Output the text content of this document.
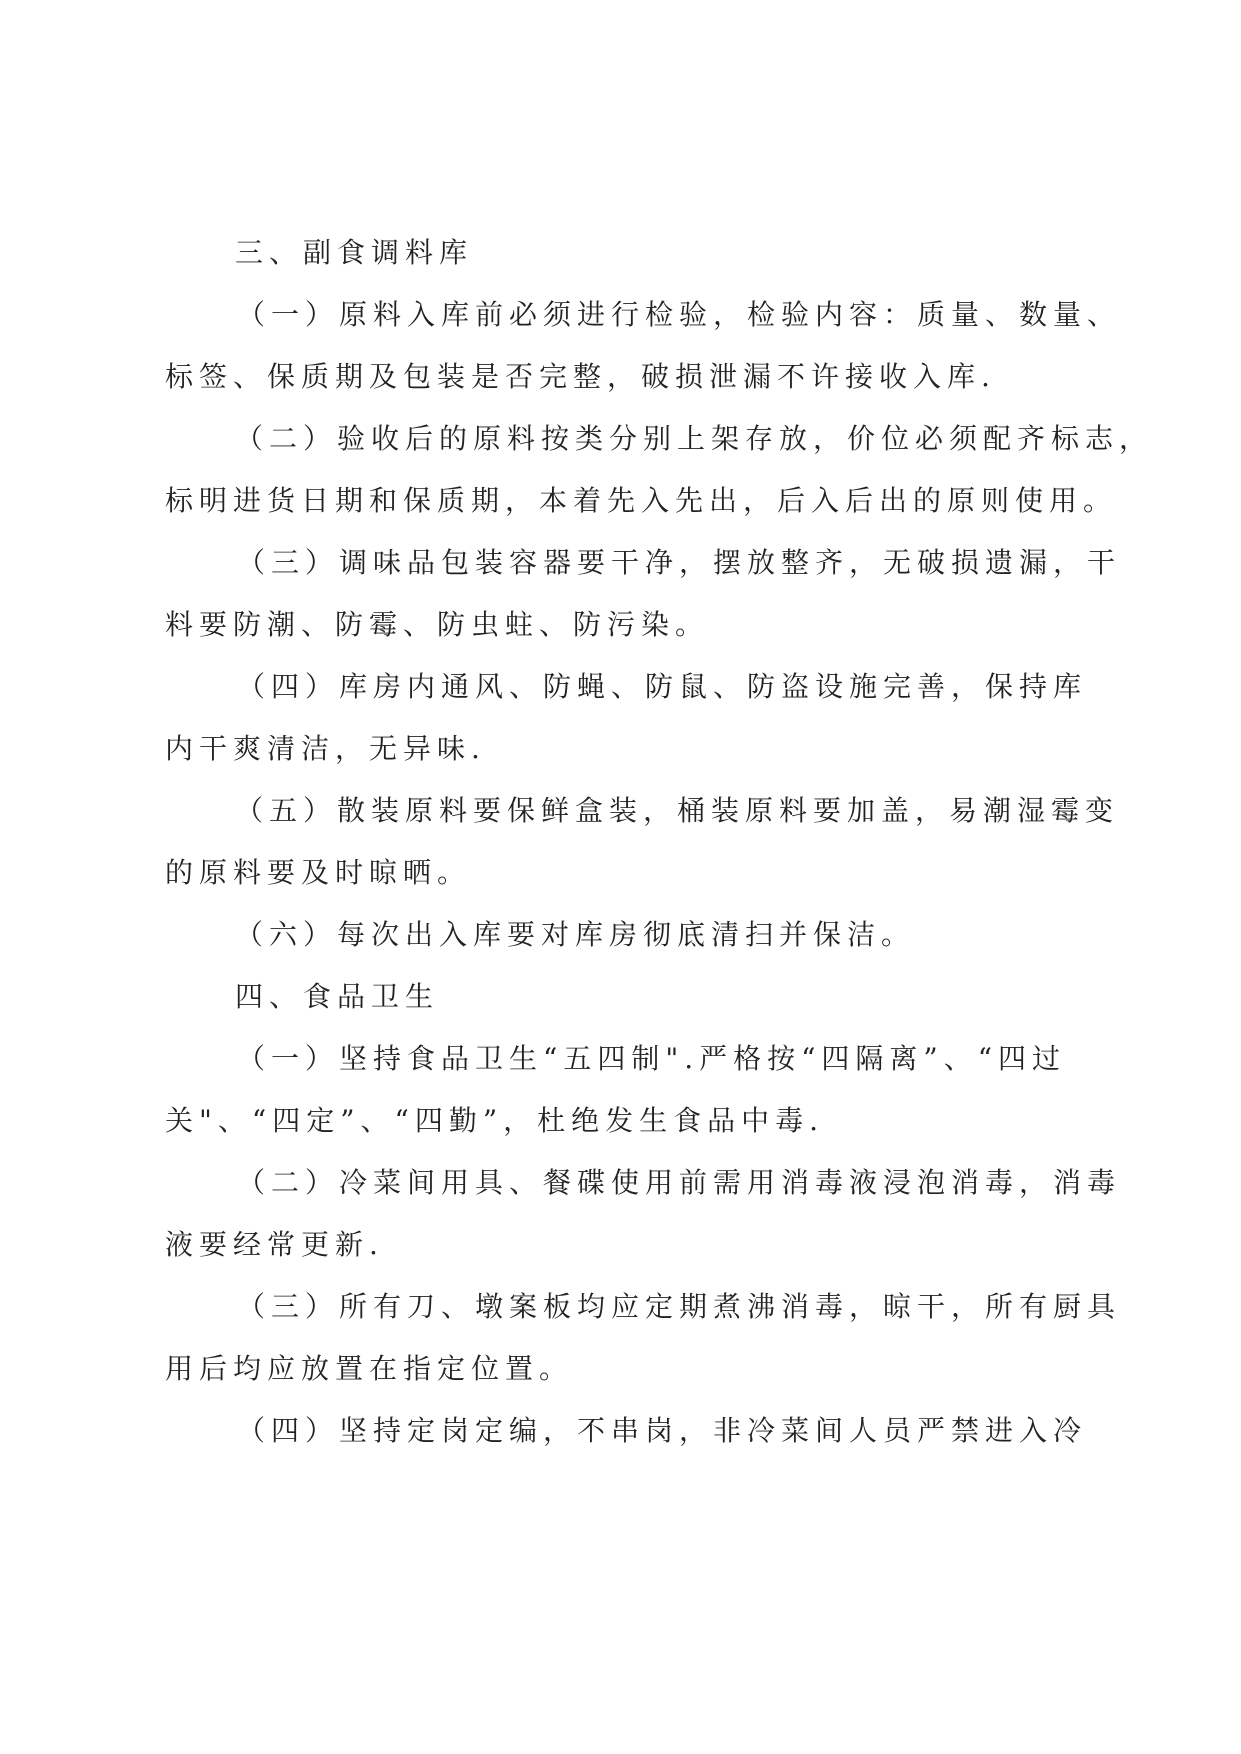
三、副食调料库
（一）原料入库前必须进行检验，检验内容：质量、数量、
标签、保质期及包装是否完整，破损泄漏不许接收入库.
（二）验收后的原料按类分别上架存放，价位必须配齐标志，
标明进货日期和保质期，本着先入先出，后入后出的原则使用。
（三）调味品包装容器要干净，摆放整齐，无破损遗漏，干
料要防潮、防霉、防虫蛀、防污染。
（四）库房内通风、防蝇、防鼠、防盗设施完善，保持库
内干爽清洁，无异味.
（五）散装原料要保鲜盒装，桶装原料要加盖，易潮湿霉变
的原料要及时晾晒。
（六）每次出入库要对库房彻底清扫并保洁。
四、食品卫生
（一）坚持食品卫生“五四制".严格按“四隔离”、“四过
关"、“四定”、“四勤”，杜绝发生食品中毒.
（二）冷菜间用具、餐碟使用前需用消毒液浸泡消毒，消毒
液要经常更新.
（三）所有刀、墩案板均应定期煮沸消毒，晾干，所有厨具
用后均应放置在指定位置。
（四）坚持定岗定编，不串岗，非冷菜间人员严禁进入冷
